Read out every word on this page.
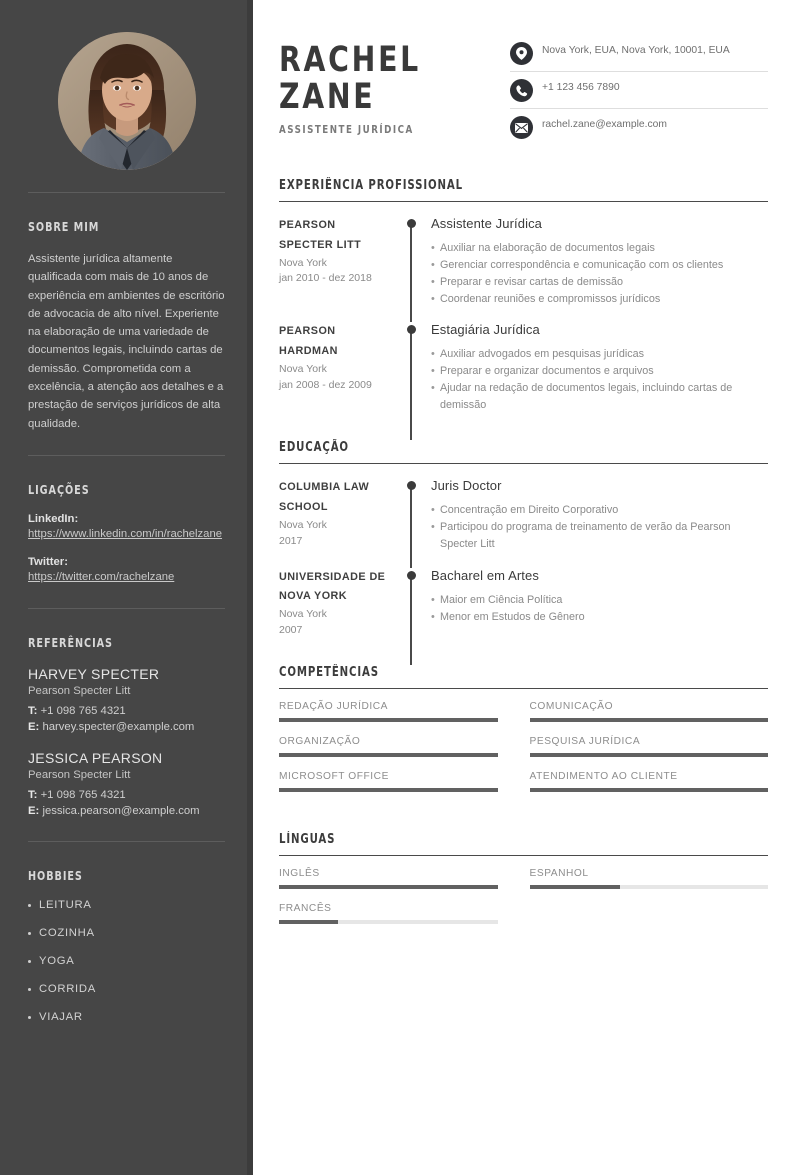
SOBRE MIM

Assistente jurídica altamente qualificada com mais de 10 anos de experiência em ambientes de escritório de advocacia de alto nível. Experiente na elaboração de uma variedade de documentos legais, incluindo cartas de demissão. Comprometida com a excelência, a atenção aos detalhes e a prestação de serviços jurídicos de alta qualidade.

LIGAÇÕES
LinkedIn:
https://www.linkedin.com/in/rachelzane
Twitter:
https://twitter.com/rachelzane
REFERÊNCIAS
HARVEY SPECTER
Pearson Specter Litt
T: +1 098 765 4321
E: harvey.specter@example.com
JESSICA PEARSON
Pearson Specter Litt
T: +1 098 765 4321
E: jessica.pearson@example.com
HOBBIES
LEITURA
COZINHA
YOGA
CORRIDA
VIAJAR
RACHEL
ZANE
ASSISTENTE JURÍDICA
Nova York, EUA, Nova York, 10001, EUA
+1 123 456 7890
rachel.zane@example.com
EXPERIÊNCIA PROFISSIONAL
PEARSON SPECTER LITT
Nova York
jan 2010 - dez 2018
Assistente Jurídica
• Auxiliar na elaboração de documentos legais
• Gerenciar correspondência e comunicação com os clientes
• Preparar e revisar cartas de demissão
• Coordenar reuniões e compromissos jurídicos
PEARSON HARDMAN
Nova York
jan 2008 - dez 2009
Estagiária Jurídica
• Auxiliar advogados em pesquisas jurídicas
• Preparar e organizar documentos e arquivos
• Ajudar na redação de documentos legais, incluindo cartas de demissão
EDUCAÇÃO
COLUMBIA LAW SCHOOL
Nova York
2017
Juris Doctor
• Concentração em Direito Corporativo
• Participou do programa de treinamento de verão da Pearson Specter Litt
UNIVERSIDADE DE NOVA YORK
Nova York
2007
Bacharel em Artes
• Maior em Ciência Política
• Menor em Estudos de Gênero
COMPETÊNCIAS
REDAÇÃO JURÍDICA	COMUNICAÇÃO
ORGANIZAÇÃO	PESQUISA JURÍDICA
MICROSOFT OFFICE	ATENDIMENTO AO CLIENTE
LÍNGUAS
INGLÊS	ESPANHOL
FRANCÊS
